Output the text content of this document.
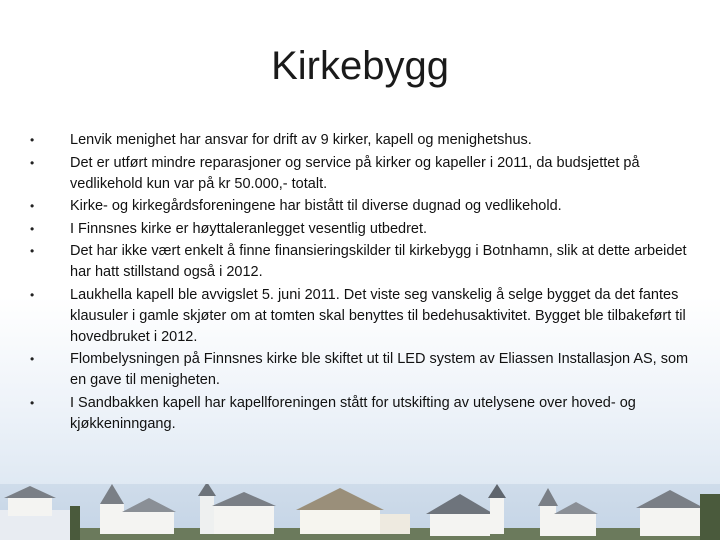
Kirkebygg
• Lenvik menighet har ansvar for drift av 9 kirker, kapell og menighetshus.
• Det er utført mindre reparasjoner og service på kirker og kapeller i 2011, da budsjettet på vedlikehold kun var på kr 50.000,- totalt.
• Kirke- og kirkegårdsforeningene har bistått til diverse dugnad og vedlikehold.
• I Finnsnes kirke er høyttaleranlegget vesentlig utbedret.
• Det har ikke vært enkelt å finne finansieringskilder til kirkebygg i Botnhamn, slik at dette arbeidet har hatt stillstand også i 2012.
• Laukhella kapell ble avvigslet 5. juni 2011. Det viste seg vanskelig å selge bygget da det fantes klausuler i gamle skjøter om at tomten skal benyttes til bedehusaktivitet. Bygget ble tilbakeført til hovedbruket i 2012.
• Flombelysningen på Finnsnes kirke ble skiftet ut til LED system av Eliassen Installasjon AS, som en gave til menigheten.
• I Sandbakken kapell har kapellforeningen stått for utskifting av utelysene over hoved- og kjøkkeninngang.
